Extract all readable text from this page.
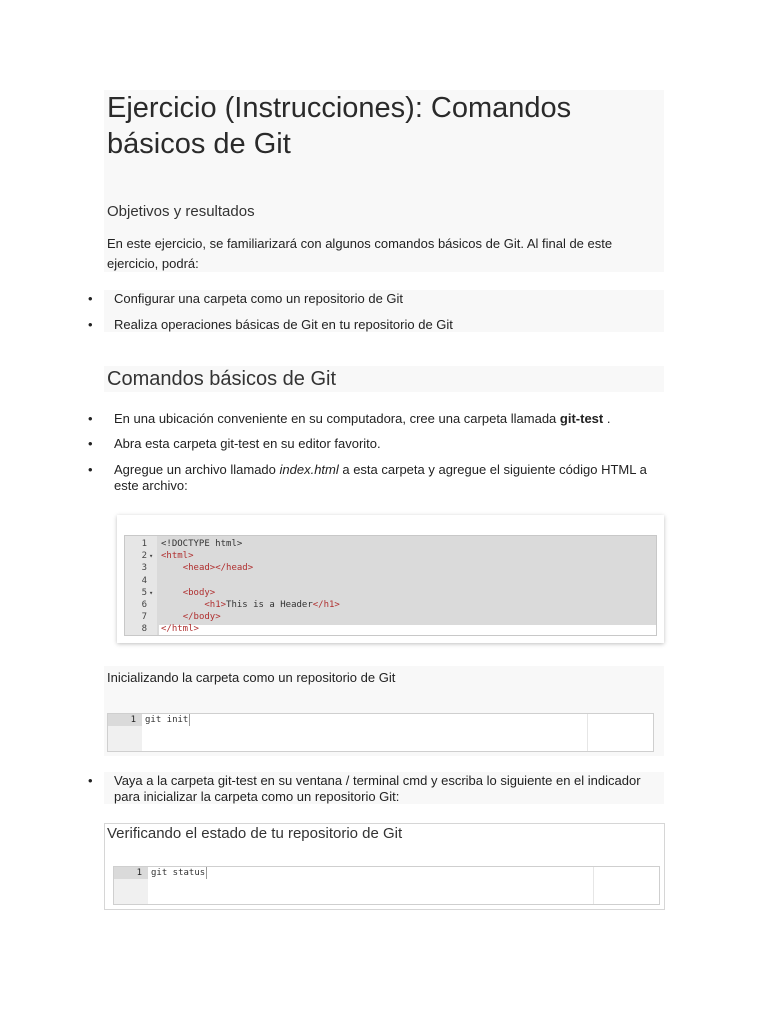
Ejercicio (Instrucciones): Comandos básicos de Git
Objetivos y resultados
En este ejercicio, se familiarizará con algunos comandos básicos de Git. Al final de este ejercicio, podrá:
•	Configurar una carpeta como un repositorio de Git
•	Realiza operaciones básicas de Git en tu repositorio de Git
Comandos básicos de Git
•	En una ubicación conveniente en su computadora, cree una carpeta llamada git-test .
•	Abra esta carpeta git-test en su editor favorito.
•	Agregue un archivo llamado index.html a esta carpeta y agregue el siguiente código HTML a este archivo:
1 <!DOCTYPE html>
2 ▾ <html>
3	<head></head>
4
5 ▾	<body>
6	<h1>This is a Header</h1>
7	</body>
8 </html>
Inicializando la carpeta como un repositorio de Git
1	git init
•	Vaya a la carpeta git-test en su ventana / terminal cmd y escriba lo siguiente en el indicador para inicializar la carpeta como un repositorio Git:
Verificando el estado de tu repositorio de Git
1	git status
